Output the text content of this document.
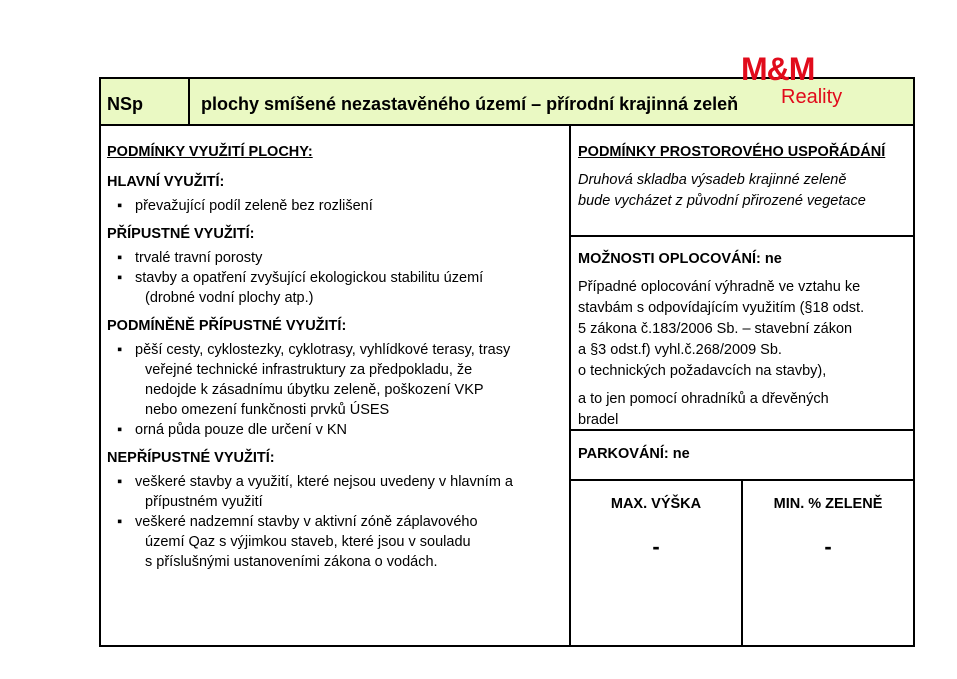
M&M
Reality
NSp	plochy smíšené nezastavěného území – přírodní krajinná zeleň
PODMÍNKY VYUŽITÍ PLOCHY:
HLAVNÍ VYUŽITÍ:
▪ převažující podíl zeleně bez rozlišení
PŘÍPUSTNÉ VYUŽITÍ:
▪ trvalé travní porosty
▪ stavby a opatření zvyšující ekologickou stabilitu území
(drobné vodní plochy atp.)
PODMÍNĚNĚ PŘÍPUSTNÉ VYUŽITÍ:
▪ pěší cesty, cyklostezky, cyklotrasy, vyhlídkové terasy, trasy
veřejné technické infrastruktury za předpokladu, že
nedojde k zásadnímu úbytku zeleně, poškození VKP
nebo omezení funkčnosti prvků ÚSES
▪ orná půda pouze dle určení v KN
NEPŘÍPUSTNÉ VYUŽITÍ:
▪ veškeré stavby a využití, které nejsou uvedeny v hlavním a
přípustném využití
▪ veškeré nadzemní stavby v aktivní zóně záplavového
území Qaz s výjimkou staveb, které jsou v souladu
s příslušnými ustanoveními zákona o vodách.
PODMÍNKY PROSTOROVÉHO USPOŘÁDÁNÍ
Druhová skladba výsadeb krajinné zeleně
bude vycházet z původní přirozené vegetace
MOŽNOSTI OPLOCOVÁNÍ: ne
Případné oplocování výhradně ve vztahu ke
stavbám s odpovídajícím využitím (§18 odst.
5 zákona č.183/2006 Sb. – stavební zákon
a §3 odst.f) vyhl.č.268/2009 Sb.
o technických požadavcích na stavby),
a to jen pomocí ohradníků a dřevěných
bradel
PARKOVÁNÍ: ne
MAX. VÝŠKA
-
MIN. % ZELENĚ
-
